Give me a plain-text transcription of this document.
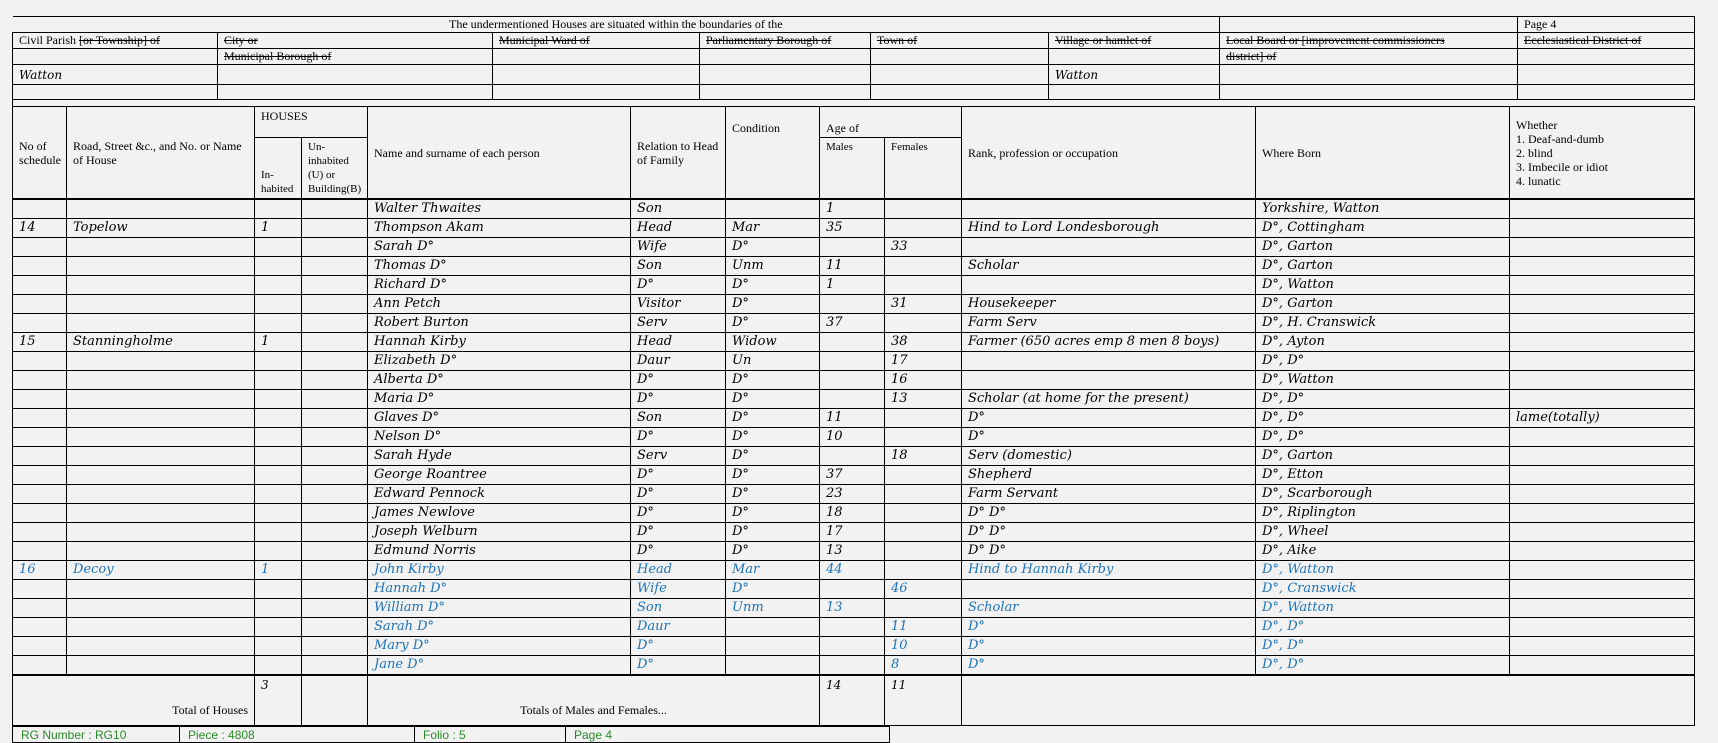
The undermentioned Houses are situated within the boundaries of the							Page 4
Civil Parish [or Township] of	City or	Municipal Ward of	Parliamentary Borough of	Town of	Village or hamlet of	Local Board or [improvement commissioners	Ecclesiastical District of
	Municipal Borough of					district] of	
Watton					Watton		

No of schedule	Road, Street &c., and No. or Name of House	HOUSES		Name and surname of each person	Relation to Head of Family	Condition	Age of		Rank, profession or occupation	Where Born	Whether
1. Deaf-and-dumb
2. blind
3. Imbecile or idiot
4. lunatic

		In-habited	Un-inhabited (U) or Building(B)				Males	Females			
				Walter Thwaites	Son		1			Yorkshire, Watton	
14	Topelow	1		Thompson Akam	Head	Mar	35		Hind to Lord Londesborough	D°, Cottingham	
				Sarah D°	Wife	D°		33		D°, Garton	
				Thomas D°	Son	Unm	11		Scholar	D°, Garton	
				Richard D°	D°	D°	1			D°, Watton	
				Ann Petch	Visitor	D°		31	Housekeeper	D°, Garton	
				Robert Burton	Serv	D°	37		Farm Serv	D°, H. Cranswick	
15	Stanningholme	1		Hannah Kirby	Head	Widow		38	Farmer (650 acres emp 8 men 8 boys)	D°, Ayton	
				Elizabeth D°	Daur	Un		17		D°, D°	
				Alberta D°	D°	D°		16		D°, Watton	
				Maria D°	D°	D°		13	Scholar (at home for the present)	D°, D°	
				Glaves D°	Son	D°	11		D°	D°, D°	lame(totally)
				Nelson D°	D°	D°	10		D°	D°, D°	
				Sarah Hyde	Serv	D°		18	Serv (domestic)	D°, Garton	
				George Roantree	D°	D°	37		Shepherd	D°, Etton	
				Edward Pennock	D°	D°	23		Farm Servant	D°, Scarborough	
				James Newlove	D°	D°	18		D° D°	D°, Riplington	
				Joseph Welburn	D°	D°	17		D° D°	D°, Wheel	
				Edmund Norris	D°	D°	13		D° D°	D°, Aike	
16	Decoy	1		John Kirby	Head	Mar	44		Hind to Hannah Kirby	D°, Watton	
				Hannah D°	Wife	D°		46		D°, Cranswick	
				William D°	Son	Unm	13		Scholar	D°, Watton	
				Sarah D°	Daur			11	D°	D°, D°	
				Mary D°	D°			10	D°	D°, D°	
				Jane D°	D°			8	D°	D°, D°	
Total of Houses	3		Totals of Males and Females...	14	11	
RG Number : RG10	Piece : 4808	Folio : 5	Page 4
